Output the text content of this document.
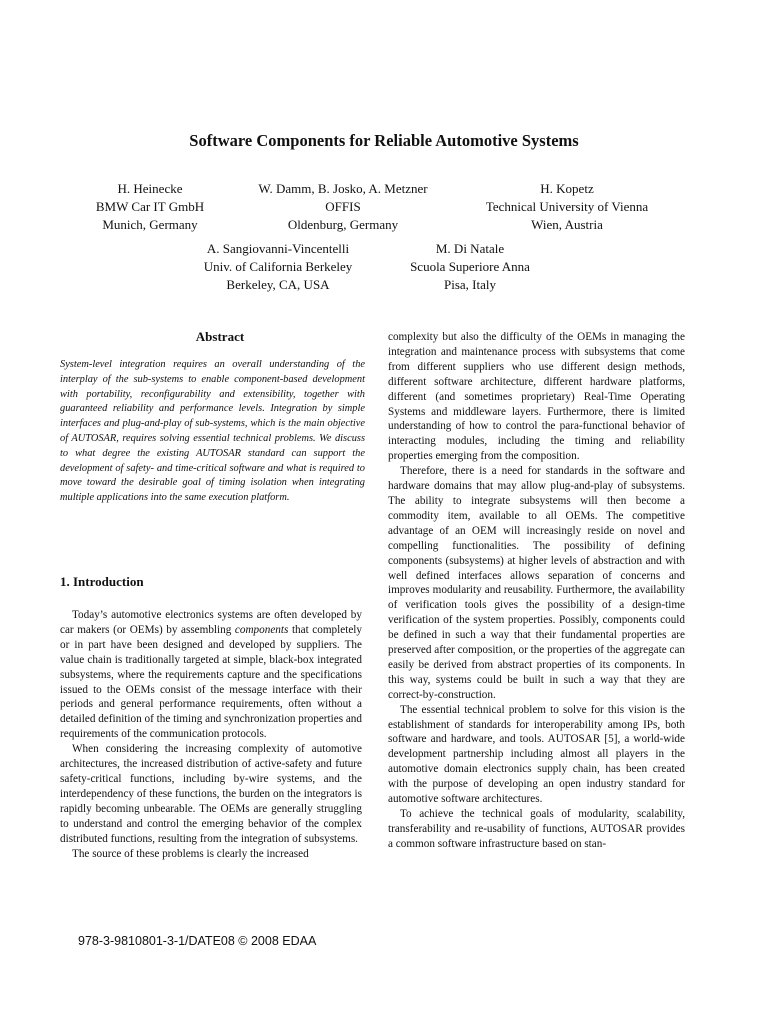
Software Components for Reliable Automotive Systems
H. Heinecke
BMW Car IT GmbH
Munich, Germany
W. Damm, B. Josko, A. Metzner
OFFIS
Oldenburg, Germany
H. Kopetz
Technical University of Vienna
Wien, Austria
A. Sangiovanni-Vincentelli
Univ. of California Berkeley
Berkeley, CA, USA
M. Di Natale
Scuola Superiore Anna
Pisa, Italy
Abstract

System-level integration requires an overall understanding of the interplay of the sub-systems to enable component-based development with portability, reconfigurability and extensibility, together with guaranteed reliability and performance levels. Integration by simple interfaces and plug-and-play of sub-systems, which is the main objective of AUTOSAR, requires solving essential technical problems. We discuss to what degree the existing AUTOSAR standard can support the development of safety- and time-critical software and what is required to move toward the desirable goal of timing isolation when integrating multiple applications into the same execution platform.

1. Introduction

Today’s automotive electronics systems are often developed by car makers (or OEMs) by assembling components that completely or in part have been designed and developed by suppliers. The value chain is traditionally targeted at simple, black-box integrated subsystems, where the requirements capture and the specifications issued to the OEMs consist of the message interface with their periods and general performance requirements, often without a detailed definition of the timing and synchronization properties and requirements of the communication protocols.

When considering the increasing complexity of automotive architectures, the increased distribution of active-safety and future safety-critical functions, including by-wire systems, and the interdependency of these functions, the burden on the integrators is rapidly becoming unbearable. The OEMs are generally struggling to understand and control the emerging behavior of the complex distributed functions, resulting from the integration of subsystems.

The source of these problems is clearly the increased

complexity but also the difficulty of the OEMs in managing the integration and maintenance process with subsystems that come from different suppliers who use different design methods, different software architecture, different hardware platforms, different (and sometimes proprietary) Real-Time Operating Systems and middleware layers. Furthermore, there is limited understanding of how to control the para-functional behavior of interacting modules, including the timing and reliability properties emerging from the composition.

Therefore, there is a need for standards in the software and hardware domains that may allow plug-and-play of subsystems. The ability to integrate subsystems will then become a commodity item, available to all OEMs. The competitive advantage of an OEM will increasingly reside on novel and compelling functionalities. The possibility of defining components (subsystems) at higher levels of abstraction and with well defined interfaces allows separation of concerns and improves modularity and reusability. Furthermore, the availability of verification tools gives the possibility of a design-time verification of the system properties. Possibly, components could be defined in such a way that their fundamental properties are preserved after composition, or the properties of the aggregate can easily be derived from abstract properties of its components. In this way, systems could be built in such a way that they are correct-by-construction.

The essential technical problem to solve for this vision is the establishment of standards for interoperability among IPs, both software and hardware, and tools. AUTOSAR [5], a world-wide development partnership including almost all players in the automotive domain electronics supply chain, has been created with the purpose of developing an open industry standard for automotive software architectures.

To achieve the technical goals of modularity, scalability, transferability and re-usability of functions, AUTOSAR provides a common software infrastructure based on stan-

978-3-9810801-3-1/DATE08 © 2008 EDAA
